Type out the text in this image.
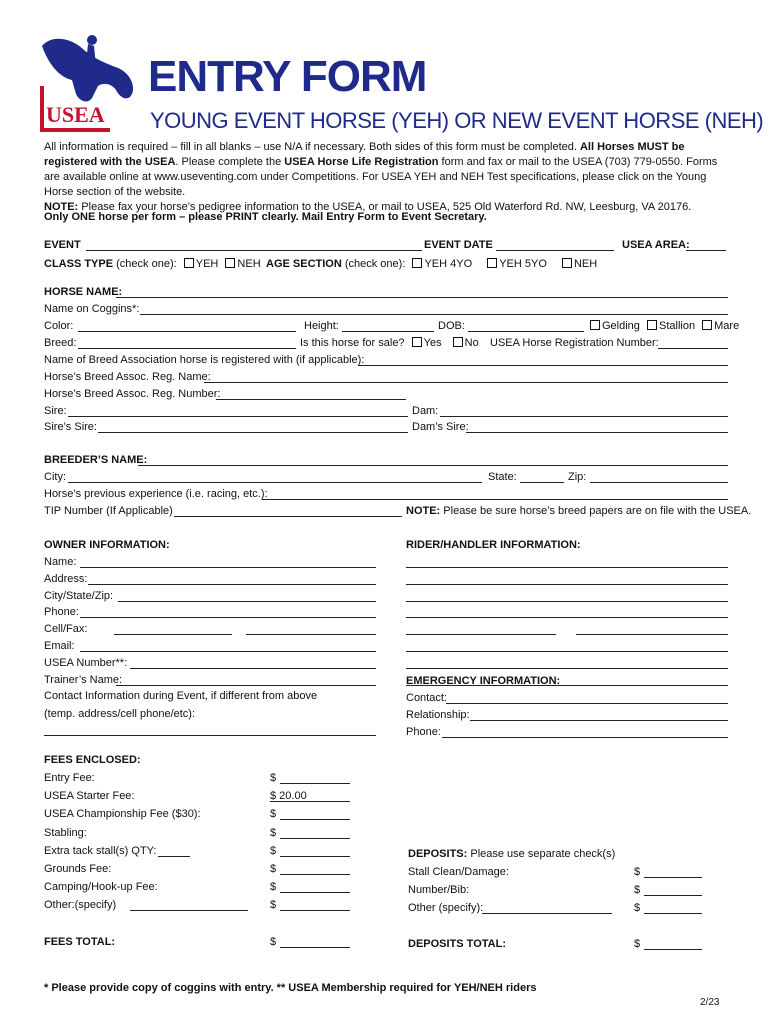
USEA
ENTRY FORM
YOUNG EVENT HORSE (YEH) OR NEW EVENT HORSE (NEH)

All information is required – fill in all blanks – use N/A if necessary. Both sides of this form must be completed. All Horses MUST be registered with the USEA. Please complete the USEA Horse Life Registration form and fax or mail to the USEA (703) 779-0550. Forms are available online at www.useventing.com under Competitions. For USEA YEH and NEH Test specifications, please click on the Young Horse section of the website.

NOTE: Please fax your horse’s pedigree information to the USEA, or mail to USEA, 525 Old Waterford Rd. NW, Leesburg, VA 20176.

Only ONE horse per form – please PRINT clearly. Mail Entry Form to Event Secretary.
EVENT	EVENT DATE	USEA AREA:
CLASS TYPE (check one): YEH NEH AGE SECTION (check one): YEH 4YO YEH 5YO NEH
HORSE NAME:
Name on Coggins*:
Color:	Height:	DOB:	Gelding Stallion Mare
Breed:	Is this horse for sale? Yes No USEA Horse Registration Number:
Name of Breed Association horse is registered with (if applicable):
Horse’s Breed Assoc. Reg. Name:
Horse’s Breed Assoc. Reg. Number:
Sire:	Dam:
Sire’s Sire:	Dam’s Sire:
BREEDER’S NAME:
City:	State:	Zip:
Horse’s previous experience (i.e. racing, etc.):
TIP Number (If Applicable)	NOTE: Please be sure horse’s breed papers are on file with the USEA.
OWNER INFORMATION:
Name:
Address:
City/State/Zip:
Phone:
Cell/Fax:
Email:
USEA Number**:
Trainer’s Name:
Contact Information during Event, if different from above
(temp. address/cell phone/etc):
RIDER/HANDLER INFORMATION:
EMERGENCY INFORMATION:
Contact:
Relationship:
Phone:
FEES ENCLOSED:
Entry Fee:	$
USEA Starter Fee:	$ 20.00
USEA Championship Fee ($30):	$
Stabling:	$
Extra tack stall(s) QTY:	$
Grounds Fee:	$
Camping/Hook-up Fee:	$
Other:(specify)	$
FEES TOTAL:	$
DEPOSITS: Please use separate check(s)
Stall Clean/Damage:	$
Number/Bib:	$
Other (specify):	$
DEPOSITS TOTAL:	$
* Please provide copy of coggins with entry. ** USEA Membership required for YEH/NEH riders
2/23
